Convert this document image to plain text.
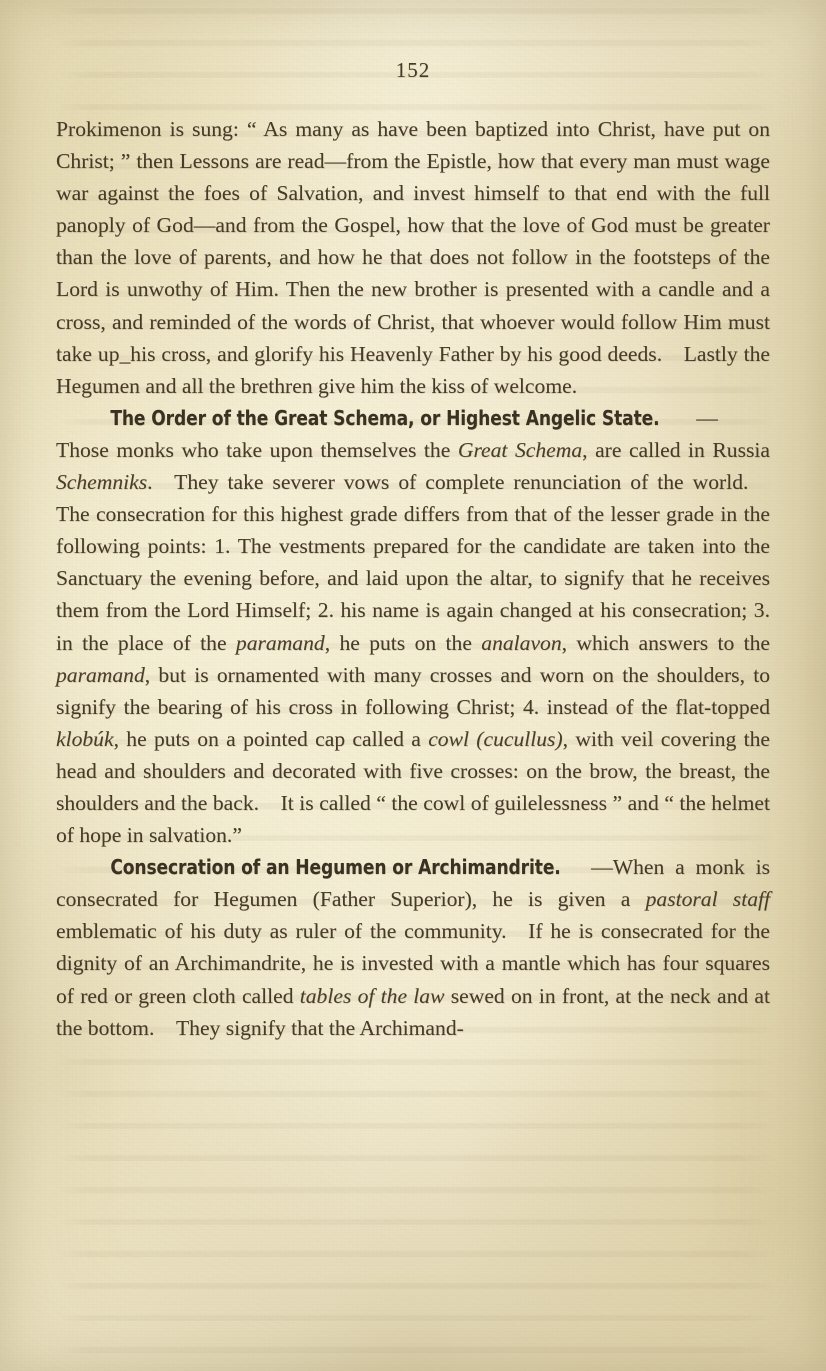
152

Prokimenon is sung: “ As many as have been baptized into Christ, have put on Christ; ” then Lessons are read—from the Epistle, how that every man must wage war against the foes of Salvation, and invest himself to that end with the full panoply of God—and from the Gospel, how that the love of God must be greater than the love of parents, and how he that does not follow in the footsteps of the Lord is unwothy of Him. Then the new brother is presented with a candle and a cross, and reminded of the words of Christ, that whoever would follow Him must take up_his cross, and glorify his Heavenly Father by his good deeds. Lastly the Hegumen and all the brethren give him the kiss of welcome.

The Order of the Great Schema, or Highest Angelic State. —Those monks who take upon themselves the Great Schema, are called in Russia Schemniks. They take severer vows of complete renunciation of the world. The consecration for this highest grade differs from that of the lesser grade in the following points: 1. The vestments prepared for the candidate are taken into the Sanctuary the evening before, and laid upon the altar, to signify that he receives them from the Lord Himself; 2. his name is again changed at his consecration; 3. in the place of the paramand, he puts on the analavon, which answers to the paramand, but is ornamented with many crosses and worn on the shoulders, to signify the bearing of his cross in following Christ; 4. instead of the flat-topped klobúk, he puts on a pointed cap called a cowl (cucullus), with veil covering the head and shoulders and decorated with five crosses: on the brow, the breast, the shoulders and the back. It is called “ the cowl of guilelessness ” and “ the helmet of hope in salvation.”

Consecration of an Hegumen or Archimandrite. —When a monk is consecrated for Hegumen (Father Superior), he is given a pastoral staff emblematic of his duty as ruler of the community. If he is consecrated for the dignity of an Archimandrite, he is invested with a mantle which has four squares of red or green cloth called tables of the law sewed on in front, at the neck and at the bottom. They signify that the Archimand-
